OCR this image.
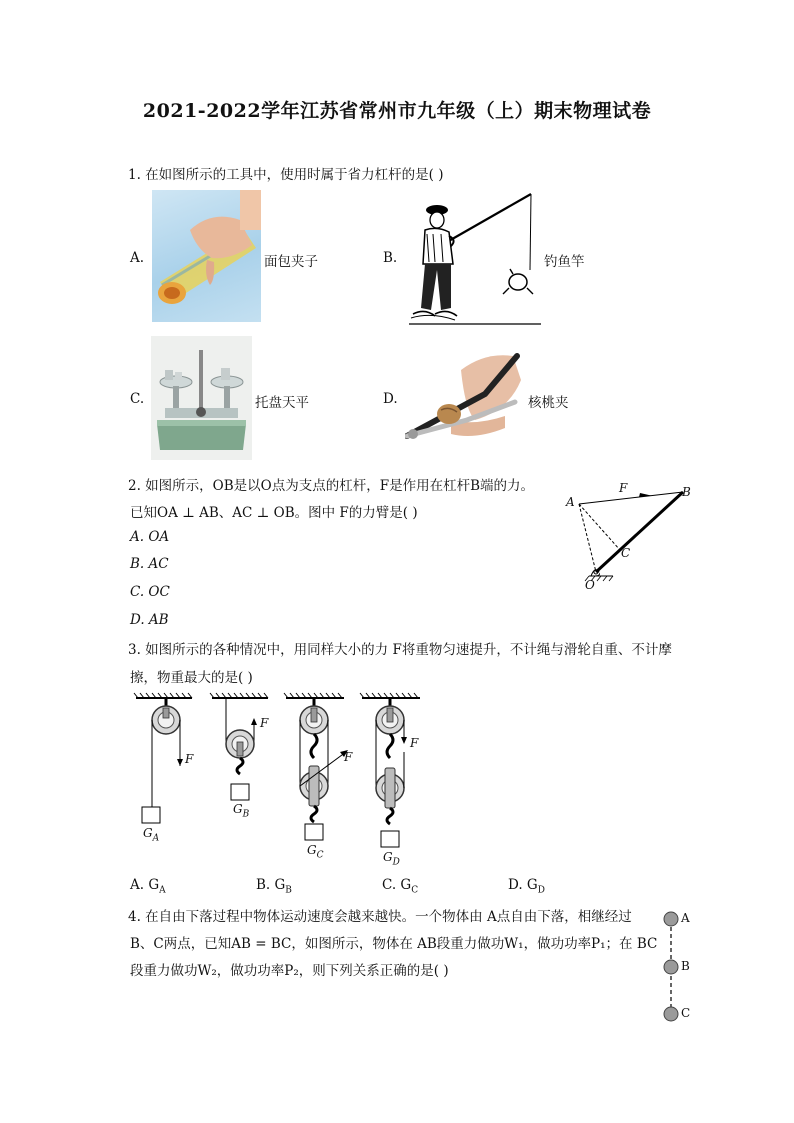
2021-2022学年江苏省常州市九年级（上）期末物理试卷
1. 在如图所示的工具中，使用时属于省力杠杆的是( )
A.	面包夹子	B.	钓鱼竿
C.	托盘天平	D.	核桃夹
2. 如图所示，OB是以O点为支点的杠杆，F是作用在杠杆B端的力。
已知OA ⊥ AB、AC ⊥ OB。图中 F的力臂是( )
A. OA
B. AC
C. OC
D. AB
A
B
C
O
F
3. 如图所示的各种情况中，用同样大小的力 F将重物匀速提升，不计绳与滑轮自重、不计摩
擦，物重最大的是( )
F
F
F
F
$G_A$
$G_B$
$G_C$	$G_D$
A. $G_A$	B. $G_B$	C. $G_C$	D. $G_D$
4. 在自由下落过程中物体运动速度会越来越快。一个物体由 A点自由下落，相继经过
B、C两点，已知AB = BC，如图所示，物体在 AB段重力做功W₁，做功功率P₁；在 BC
段重力做功W₂，做功功率P₂，则下列关系正确的是( )
A
B
C
